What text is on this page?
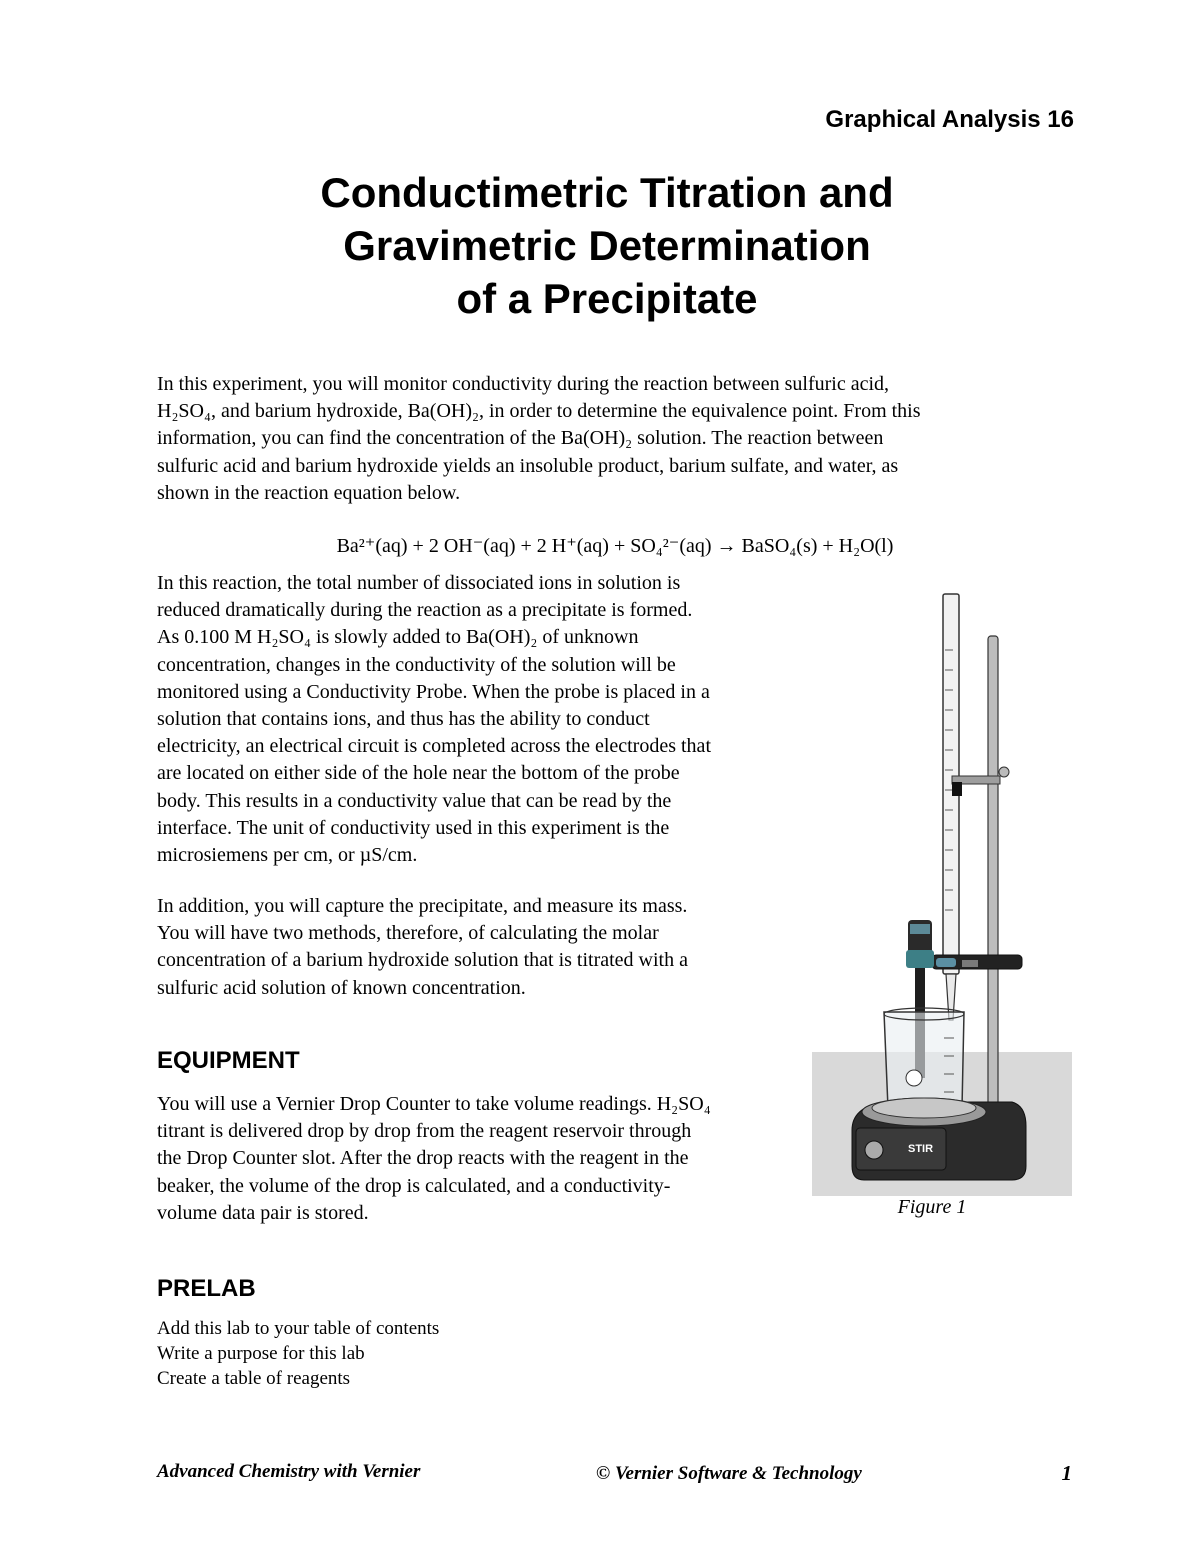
Graphical Analysis 16
Conductimetric Titration and
Gravimetric Determination
of a Precipitate
In this experiment, you will monitor conductivity during the reaction between sulfuric acid,
H₂SO₄, and barium hydroxide, Ba(OH)₂, in order to determine the equivalence point. From this
information, you can find the concentration of the Ba(OH)₂ solution. The reaction between
sulfuric acid and barium hydroxide yields an insoluble product, barium sulfate, and water, as
shown in the reaction equation below.
Ba²⁺(aq) + 2 OH⁻(aq) + 2 H⁺(aq) + SO₄²⁻(aq) → BaSO₄(s) + H₂O(l)
In this reaction, the total number of dissociated ions in solution is
reduced dramatically during the reaction as a precipitate is formed.
As 0.100 M H₂SO₄ is slowly added to Ba(OH)₂ of unknown
concentration, changes in the conductivity of the solution will be
monitored using a Conductivity Probe. When the probe is placed in a
solution that contains ions, and thus has the ability to conduct
electricity, an electrical circuit is completed across the electrodes that
are located on either side of the hole near the bottom of the probe
body. This results in a conductivity value that can be read by the
interface. The unit of conductivity used in this experiment is the
microsiemens per cm, or µS/cm.
In addition, you will capture the precipitate, and measure its mass.
You will have two methods, therefore, of calculating the molar
concentration of a barium hydroxide solution that is titrated with a
sulfuric acid solution of known concentration.
EQUIPMENT
You will use a Vernier Drop Counter to take volume readings. H₂SO₄
titrant is delivered drop by drop from the reagent reservoir through
the Drop Counter slot. After the drop reacts with the reagent in the
beaker, the volume of the drop is calculated, and a conductivity-
volume data pair is stored.
PRELAB
Add this lab to your table of contents
Write a purpose for this lab
Create a table of reagents
STIR
Figure 1
Advanced Chemistry with Vernier	© Vernier Software & Technology	1
